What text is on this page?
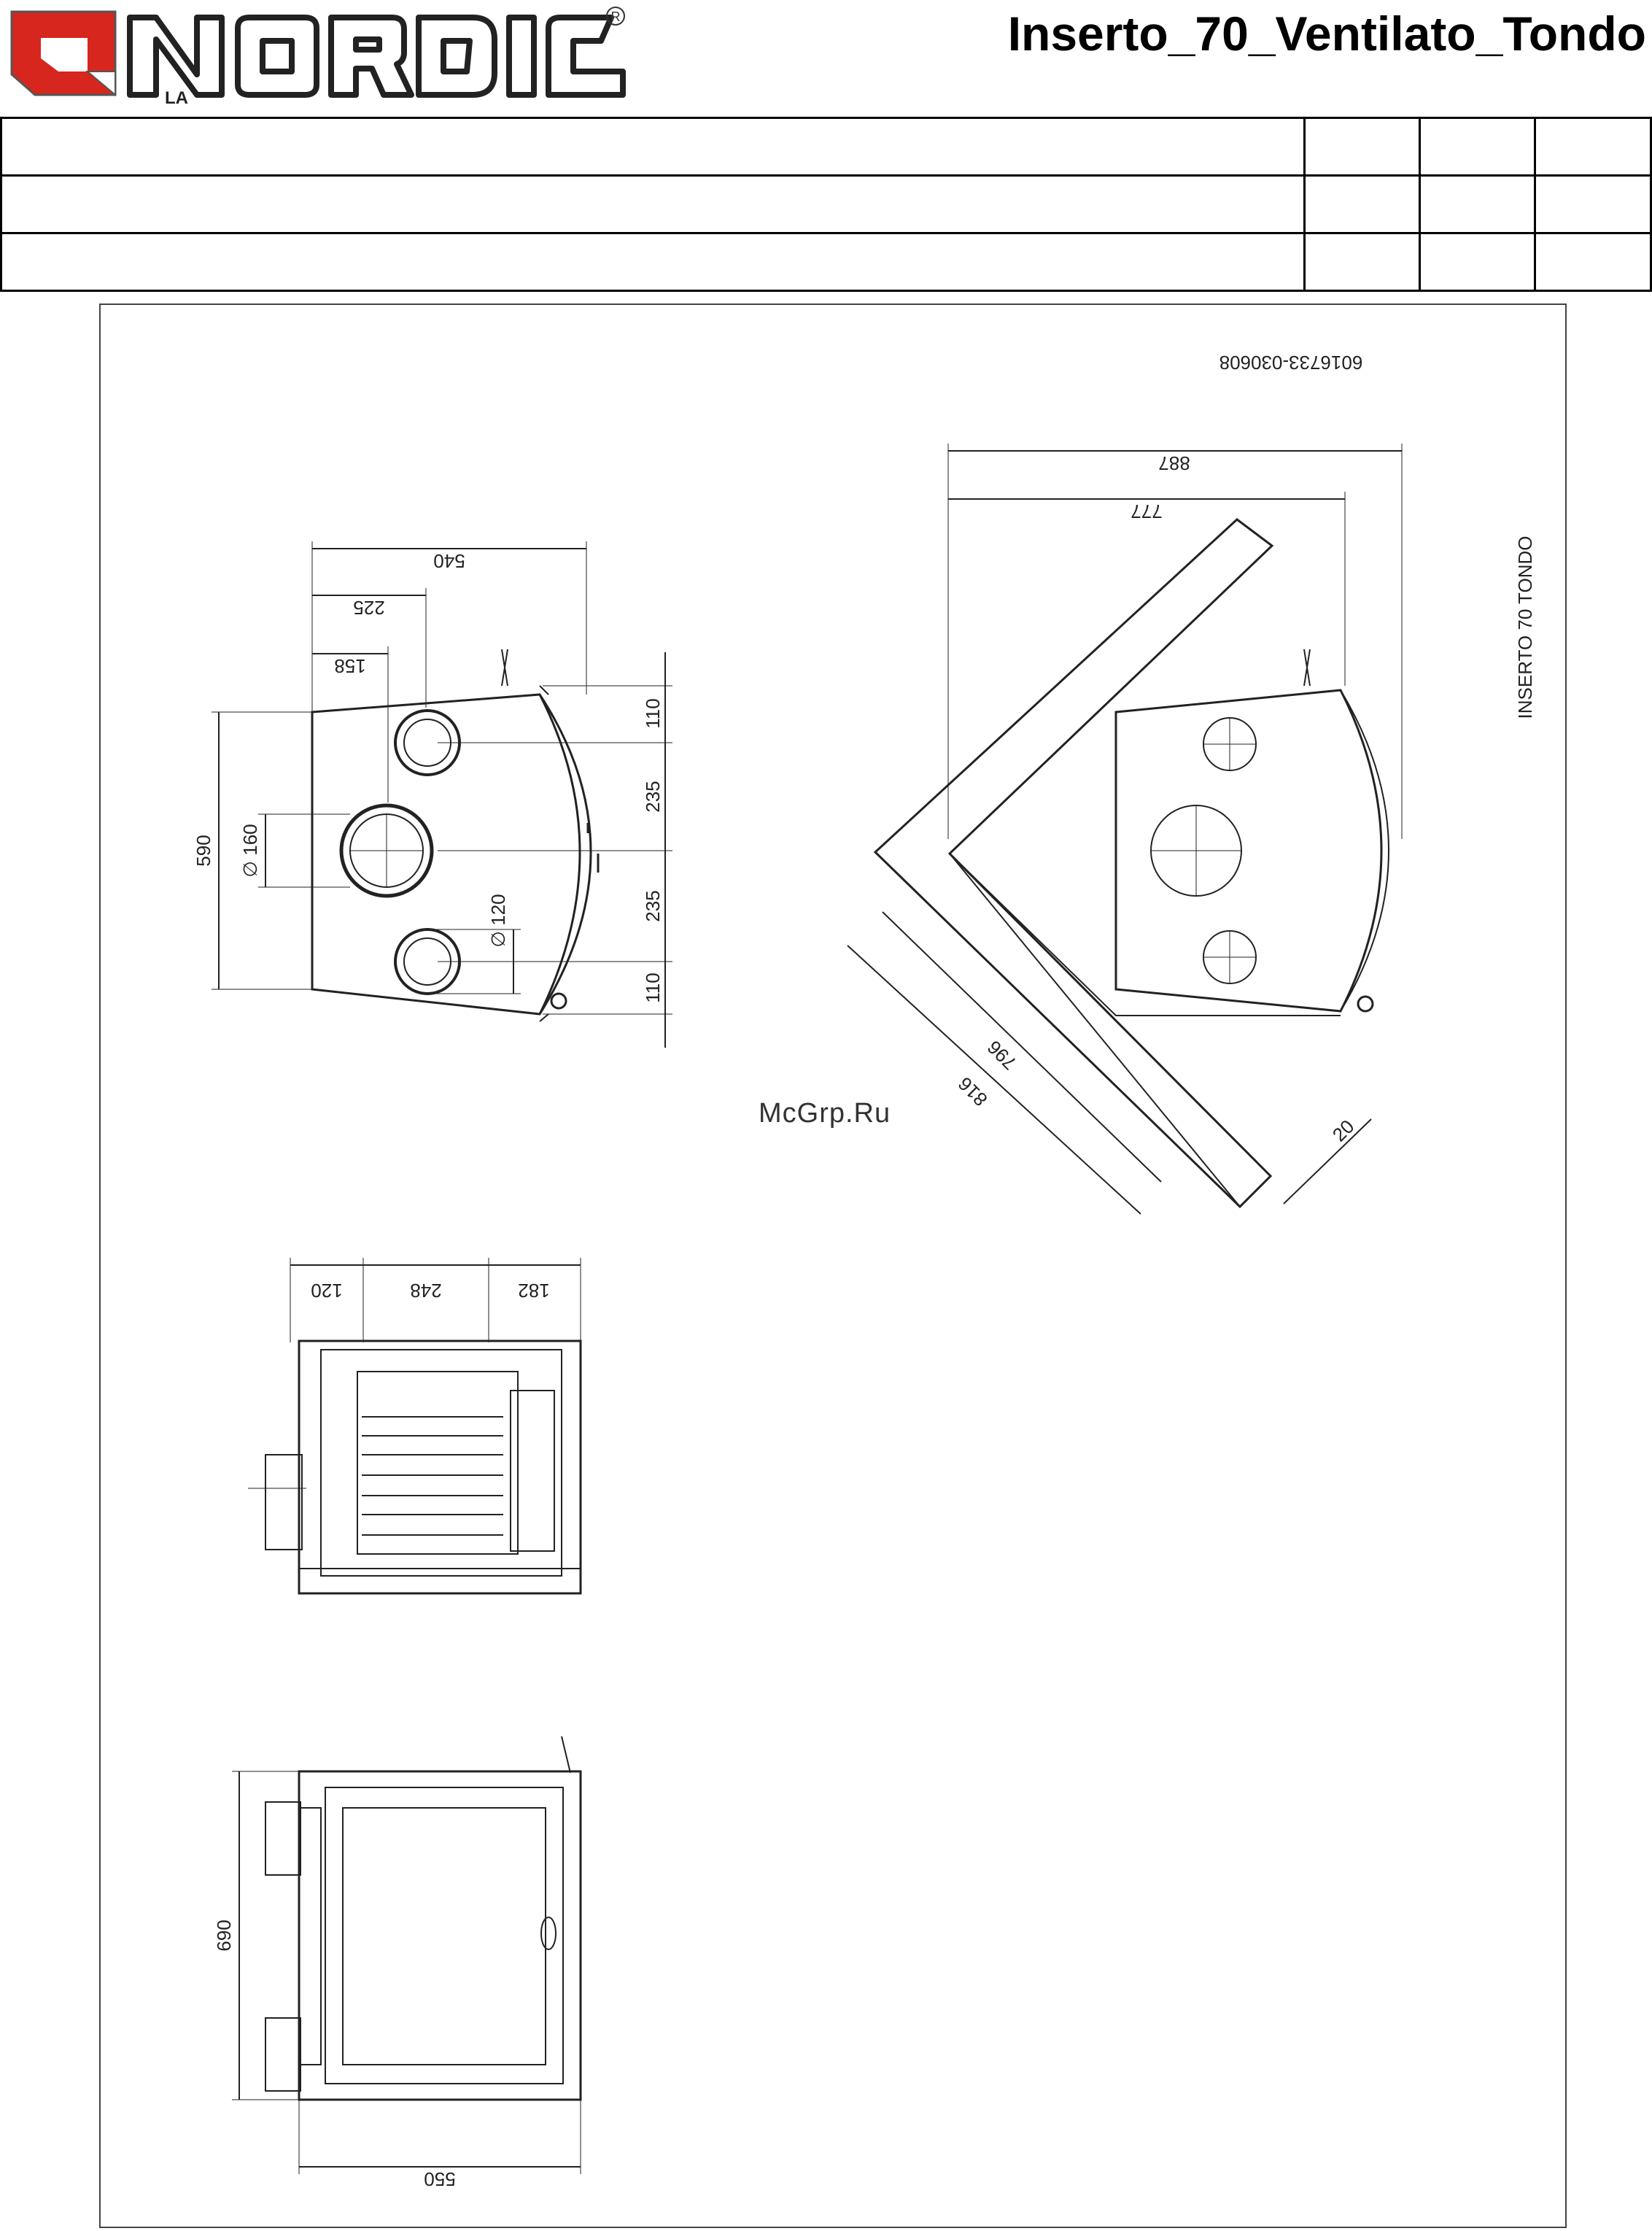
LA
R	Inserto_70_Ventilato_Tondo

6016733-030608
INSERTO 70 TONDO
540
225
158
590 ∅ 160
∅ 120
110
235
235
110
887
777
796
816
20
120	248	182
690
550
McGrp.Ru
